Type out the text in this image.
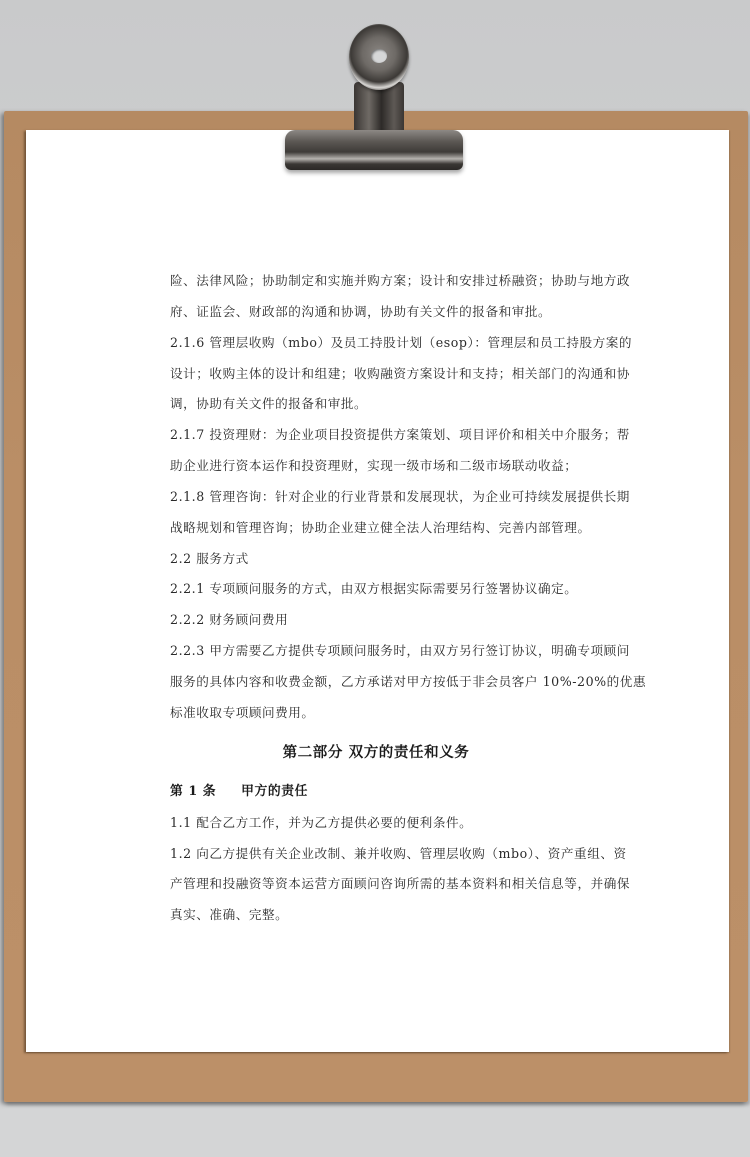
险、法律风险；协助制定和实施并购方案；设计和安排过桥融资；协助与地方政
府、证监会、财政部的沟通和协调，协助有关文件的报备和审批。
2.1.6 管理层收购（mbo）及员工持股计划（esop）：管理层和员工持股方案的
设计；收购主体的设计和组建；收购融资方案设计和支持；相关部门的沟通和协
调，协助有关文件的报备和审批。
2.1.7 投资理财：为企业项目投资提供方案策划、项目评价和相关中介服务；帮
助企业进行资本运作和投资理财，实现一级市场和二级市场联动收益；
2.1.8 管理咨询：针对企业的行业背景和发展现状，为企业可持续发展提供长期
战略规划和管理咨询；协助企业建立健全法人治理结构、完善内部管理。
2.2 服务方式
2.2.1 专项顾问服务的方式，由双方根据实际需要另行签署协议确定。
2.2.2 财务顾问费用
2.2.3 甲方需要乙方提供专项顾问服务时，由双方另行签订协议，明确专项顾问
服务的具体内容和收费金额，乙方承诺对甲方按低于非会员客户 10%-20%的优惠
标准收取专项顾问费用。
第二部分 双方的责任和义务
第 1 条     甲方的责任
1.1 配合乙方工作，并为乙方提供必要的便利条件。
1.2 向乙方提供有关企业改制、兼并收购、管理层收购（mbo）、资产重组、资
产管理和投融资等资本运营方面顾问咨询所需的基本资料和相关信息等，并确保
真实、准确、完整。
